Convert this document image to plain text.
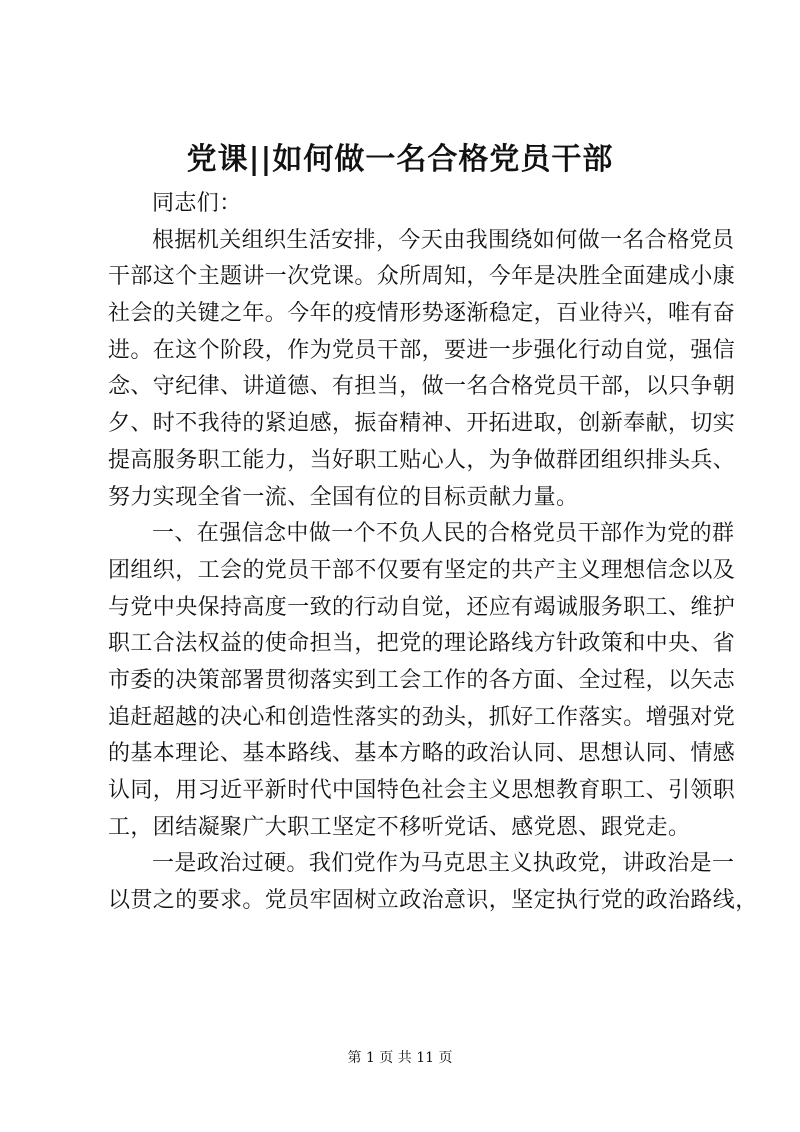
党课||如何做一名合格党员干部
同志们：
根据机关组织生活安排，今天由我围绕如何做一名合格党员
干部这个主题讲一次党课。众所周知，今年是决胜全面建成小康
社会的关键之年。今年的疫情形势逐渐稳定，百业待兴，唯有奋
进。在这个阶段，作为党员干部，要进一步强化行动自觉，强信
念、守纪律、讲道德、有担当，做一名合格党员干部，以只争朝
夕、时不我待的紧迫感，振奋精神、开拓进取，创新奉献，切实
提高服务职工能力，当好职工贴心人，为争做群团组织排头兵、
努力实现全省一流、全国有位的目标贡献力量。
一、在强信念中做一个不负人民的合格党员干部作为党的群
团组织，工会的党员干部不仅要有坚定的共产主义理想信念以及
与党中央保持高度一致的行动自觉，还应有竭诚服务职工、维护
职工合法权益的使命担当，把党的理论路线方针政策和中央、省
市委的决策部署贯彻落实到工会工作的各方面、全过程，以矢志
追赶超越的决心和创造性落实的劲头，抓好工作落实。增强对党
的基本理论、基本路线、基本方略的政治认同、思想认同、情感
认同，用习近平新时代中国特色社会主义思想教育职工、引领职
工，团结凝聚广大职工坚定不移听党话、感党恩、跟党走。
一是政治过硬。我们党作为马克思主义执政党，讲政治是一
以贯之的要求。党员牢固树立政治意识，坚定执行党的政治路线，
第 1 页 共 11 页
